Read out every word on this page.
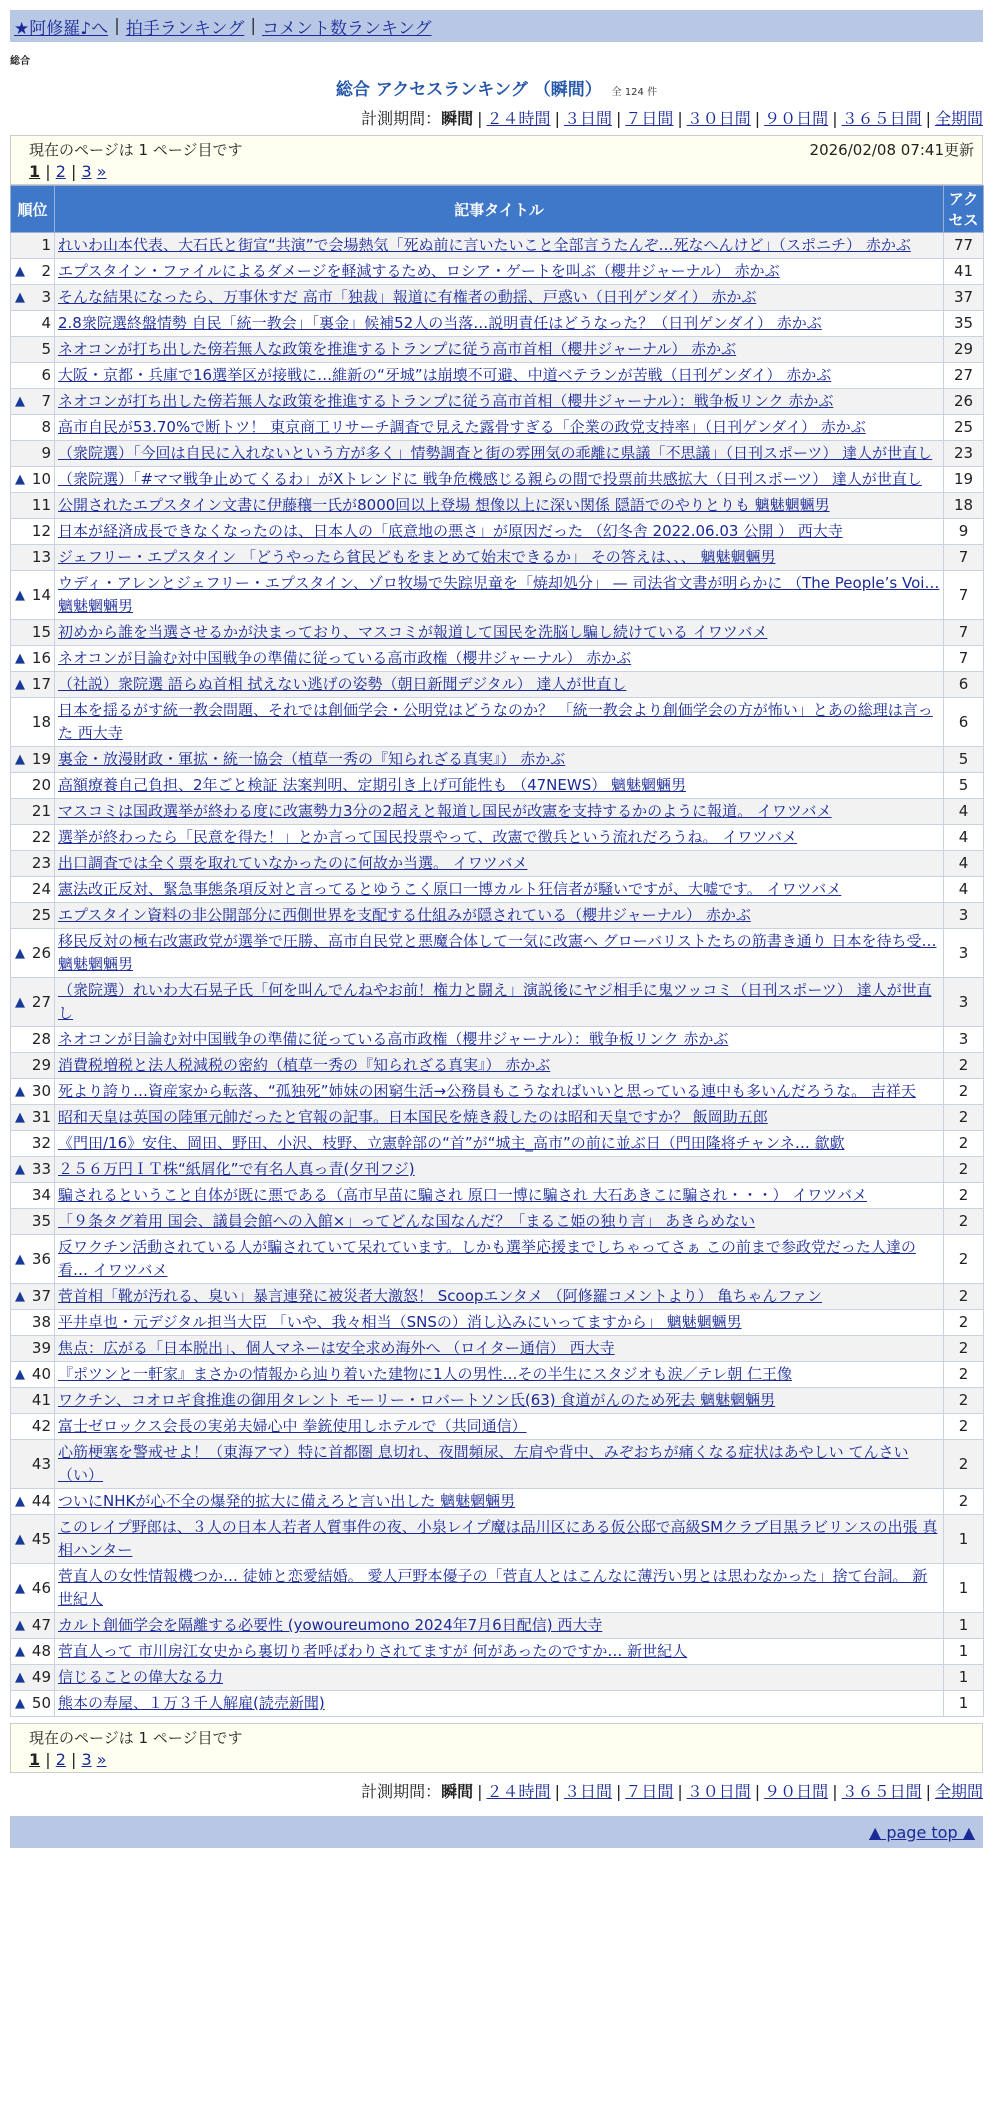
★阿修羅♪へ | 拍手ランキング | コメント数ランキング
総合
総合 アクセスランキング （瞬間） 全 124 件
計測期間：瞬間 | ２４時間 | ３日間 | ７日間 | ３０日間 | ９０日間 | ３６５日間 | 全期間
現在のページは 1 ページ目です	2026/02/08 07:41更新
1 | 2 | 3 »
順位	記事タイトル	アクセス
1	れいわ山本代表、大石氏と街宣“共演”で会場熱気「死ぬ前に言いたいこと全部言うたんぞ…死なへんけど」（スポニチ） 赤かぶ	77

▲ 2	エプスタイン・ファイルによるダメージを軽減するため、ロシア・ゲートを叫ぶ（櫻井ジャーナル） 赤かぶ	41

▲ 3	そんな結果になったら、万事休すだ 高市「独裁」報道に有権者の動揺、戸惑い（日刊ゲンダイ） 赤かぶ	37
4	2.8衆院選終盤情勢 自民「統一教会」「裏金」候補52人の当落…説明責任はどうなった？（日刊ゲンダイ） 赤かぶ	35
5	ネオコンが打ち出した傍若無人な政策を推進するトランプに従う高市首相（櫻井ジャーナル） 赤かぶ	29
6	大阪・京都・兵庫で16選挙区が接戦に…維新の“牙城”は崩壊不可避、中道ベテランが苦戦（日刊ゲンダイ） 赤かぶ	27

▲ 7	ネオコンが打ち出した傍若無人な政策を推進するトランプに従う高市首相（櫻井ジャーナル）：戦争板リンク 赤かぶ	26
8	高市自民が53.70%で断トツ！ 東京商工リサーチ調査で見えた露骨すぎる「企業の政党支持率」（日刊ゲンダイ） 赤かぶ	25
9	（衆院選）「今回は自民に入れないという方が多く」情勢調査と街の雰囲気の乖離に県議「不思議」（日刊スポーツ） 達人が世直し	23

▲ 10	（衆院選）「#ママ戦争止めてくるわ」がXトレンドに 戦争危機感じる親らの間で投票前共感拡大（日刊スポーツ） 達人が世直し	19
11	公開されたエプスタイン文書に伊藤穰一氏が8000回以上登場 想像以上に深い関係 隠語でのやりとりも 魑魅魍魎男	18
12	日本が経済成長できなくなったのは、日本人の「底意地の悪さ」が原因だった （幻冬舎 2022.06.03 公開 ） 西大寺	9
13	ジェフリー・エプスタイン 「どうやったら貧民どもをまとめて始末できるか」 その答えは、、、 魑魅魍魎男	7

▲ 14	ウディ・アレンとジェフリー・エプスタイン、ゾロ牧場で失踪児童を「焼却処分」 — 司法省文書が明らかに （The People’s Voi… 魑魅魍魎男	7
15	初めから誰を当選させるかが決まっており、マスコミが報道して国民を洗脳し騙し続けている イワツバメ	7

▲ 16	ネオコンが目論む対中国戦争の準備に従っている高市政権（櫻井ジャーナル） 赤かぶ	7

▲ 17	（社説）衆院選 語らぬ首相 拭えない逃げの姿勢（朝日新聞デジタル） 達人が世直し	6
18	日本を揺るがす統一教会問題、それでは創価学会・公明党はどうなのか？ 「統一教会より創価学会の方が怖い」とあの総理は言った 西大寺	6

▲ 19	裏金・放漫財政・軍拡・統一協会（植草一秀の『知られざる真実』） 赤かぶ	5
20	高額療養自己負担、2年ごと検証 法案判明、定期引き上げ可能性も （47NEWS） 魑魅魍魎男	5
21	マスコミは国政選挙が終わる度に改憲勢力3分の2超えと報道し国民が改憲を支持するかのように報道。 イワツバメ	4
22	選挙が終わったら「民意を得た！」とか言って国民投票やって、改憲で徴兵という流れだろうね。 イワツバメ	4
23	出口調査では全く票を取れていなかったのに何故か当選。 イワツバメ	4
24	憲法改正反対、緊急事態条項反対と言ってるとゆうこく原口一博カルト狂信者が騒いですが、大嘘です。 イワツバメ	4
25	エプスタイン資料の非公開部分に西側世界を支配する仕組みが隠されている（櫻井ジャーナル） 赤かぶ	3

▲ 26	移民反対の極右改憲政党が選挙で圧勝、高市自民党と悪魔合体して一気に改憲へ グローバリストたちの筋書き通り 日本を待ち受… 魑魅魍魎男	3

▲ 27	（衆院選）れいわ大石晃子氏「何を叫んでんねやお前！権力と闘え」演説後にヤジ相手に鬼ツッコミ（日刊スポーツ） 達人が世直し	3
28	ネオコンが目論む対中国戦争の準備に従っている高市政権（櫻井ジャーナル）：戦争板リンク 赤かぶ	3
29	消費税増税と法人税減税の密約（植草一秀の『知られざる真実』） 赤かぶ	2

▲ 30	死より誇り…資産家から転落、“孤独死”姉妹の困窮生活→公務員もこうなればいいと思っている連中も多いんだろうな。 吉祥天	2

▲ 31	昭和天皇は英国の陸軍元帥だったと官報の記事。日本国民を焼き殺したのは昭和天皇ですか？ 飯岡助五郎	2
32	《門田/16》安住、岡田、野田、小沢、枝野、立憲幹部の“首”が“城主_高市”の前に並ぶ日（門田隆将チャンネ… 歙歔	2

▲ 33	２５６万円ＩＴ株“紙屑化”で有名人真っ青(夕刊フジ)	2
34	騙されるということ自体が既に悪である（高市早苗に騙され 原口一博に騙され 大石あきこに騙され・・・） イワツバメ	2
35	「９条タグ着用 国会、議員会館への入館×」ってどんな国なんだ？「まるこ姫の独り言」 あきらめない	2

▲ 36	反ワクチン活動されている人が騙されていて呆れています。しかも選挙応援までしちゃってさぁ この前まで参政党だった人達の 看… イワツバメ	2

▲ 37	菅首相「靴が汚れる、臭い」暴言連発に被災者大激怒！ Scoopエンタメ （阿修羅コメントより） 亀ちゃんファン	2
38	平井卓也・元デジタル担当大臣 「いや、我々相当（SNSの）消し込みにいってますから」 魑魅魍魎男	2
39	焦点：広がる「日本脱出」、個人マネーは安全求め海外へ （ロイター通信） 西大寺	2

▲ 40	『ポツンと一軒家』まさかの情報から辿り着いた建物に1人の男性…その半生にスタジオも涙／テレ朝 仁王像	2
41	ワクチン、コオロギ食推進の御用タレント モーリー・ロバートソン氏(63) 食道がんのため死去 魑魅魍魎男	2
42	富士ゼロックス会長の実弟夫婦心中 拳銃使用しホテルで（共同通信）	2
43	心筋梗塞を警戒せよ！（東海アマ）特に首都圏 息切れ、夜間頻尿、左肩や背中、みぞおちが痛くなる症状はあやしい てんさい（い）	2

▲ 44	ついにNHKが心不全の爆発的拡大に備えろと言い出した 魑魅魍魎男	2

▲ 45	このレイプ野郎は、３人の日本人若者人質事件の夜、小泉レイプ魔は品川区にある仮公邸で高級SMクラブ目黒ラビリンスの出張 真相ハンター	1

▲ 46	菅直人の女性情報機つか… 徒姉と恋愛結婚。 愛人戸野本優子の「菅直人とはこんなに薄汚い男とは思わなかった」捨て台詞。 新世紀人	1

▲ 47	カルト創価学会を隔離する必要性 (yowoureumono 2024年7月6日配信) 西大寺	1

▲ 48	菅直人って 市川房江女史から裏切り者呼ばわりされてますが 何があったのですか… 新世紀人	1

▲ 49	信じることの偉大なる力	1

▲ 50	熊本の寿屋、１万３千人解雇(読売新聞)	1
現在のページは 1 ページ目です
1 | 2 | 3 »
計測期間：瞬間 | ２４時間 | ３日間 | ７日間 | ３０日間 | ９０日間 | ３６５日間 | 全期間
▲ page top ▲
